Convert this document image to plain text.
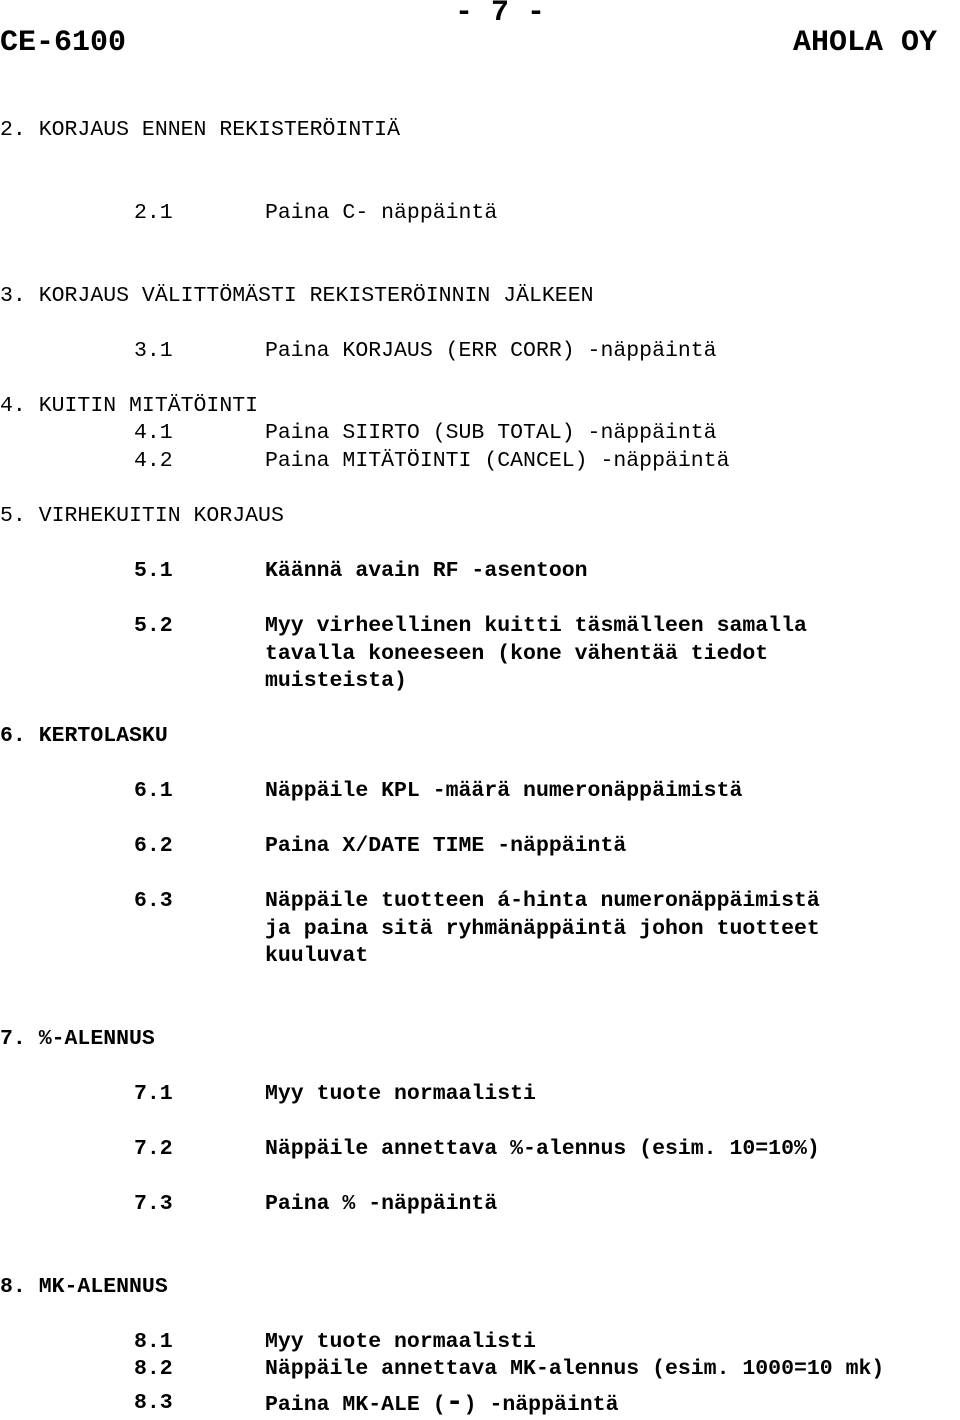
- 7 -
CE-6100	AHOLA OY
2. KORJAUS ENNEN REKISTERÖINTIÄ
2.1	Paina C- näppäintä
3. KORJAUS VÄLITTÖMÄSTI REKISTERÖINNIN JÄLKEEN
3.1	Paina KORJAUS (ERR CORR) -näppäintä
4. KUITIN MITÄTÖINTI
4.1	Paina SIIRTO (SUB TOTAL) -näppäintä
4.2	Paina MITÄTÖINTI (CANCEL) -näppäintä
5. VIRHEKUITIN KORJAUS
5.1	Käännä avain RF -asentoon
5.2	Myy virheellinen kuitti täsmälleen samalla
tavalla koneeseen (kone vähentää tiedot
muisteista)
6. KERTOLASKU
6.1	Näppäile KPL -määrä numeronäppäimistä
6.2	Paina X/DATE TIME -näppäintä
6.3	Näppäile tuotteen á-hinta numeronäppäimistä
ja paina sitä ryhmänäppäintä johon tuotteet
kuuluvat
7. %-ALENNUS
7.1	Myy tuote normaalisti
7.2	Näppäile annettava %-alennus (esim. 10=10%)
7.3	Paina % -näppäintä
8. MK-ALENNUS
8.1	Myy tuote normaalisti
8.2	Näppäile annettava MK-alennus (esim. 1000=10 mk)
8.3	Paina MK-ALE (-) -näppäintä
